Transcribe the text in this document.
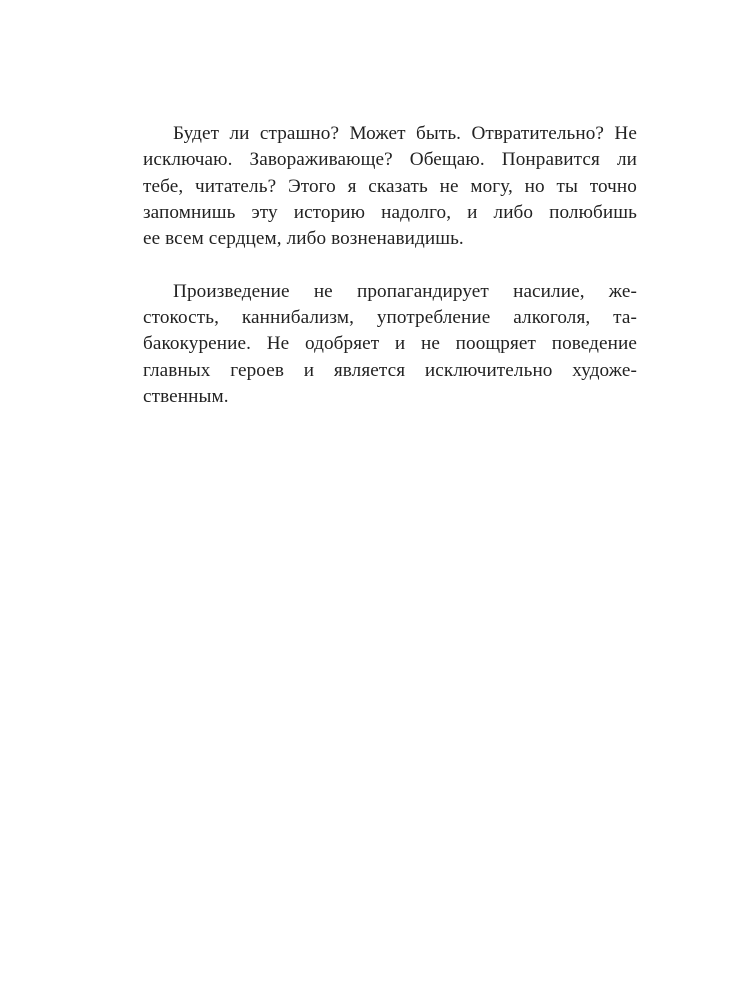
Будет ли страшно? Может быть. Отвратительно? Не
исключаю. Завораживающе? Обещаю. Понравится ли
тебе, читатель? Этого я сказать не могу, но ты точно
запомнишь эту историю надолго, и либо полюбишь
ее всем сердцем, либо возненавидишь.
Произведение не пропагандирует насилие, же-
стокость, каннибализм, употребление алкоголя, та-
бакокурение. Не одобряет и не поощряет поведение
главных героев и является исключительно художе-
ственным.
